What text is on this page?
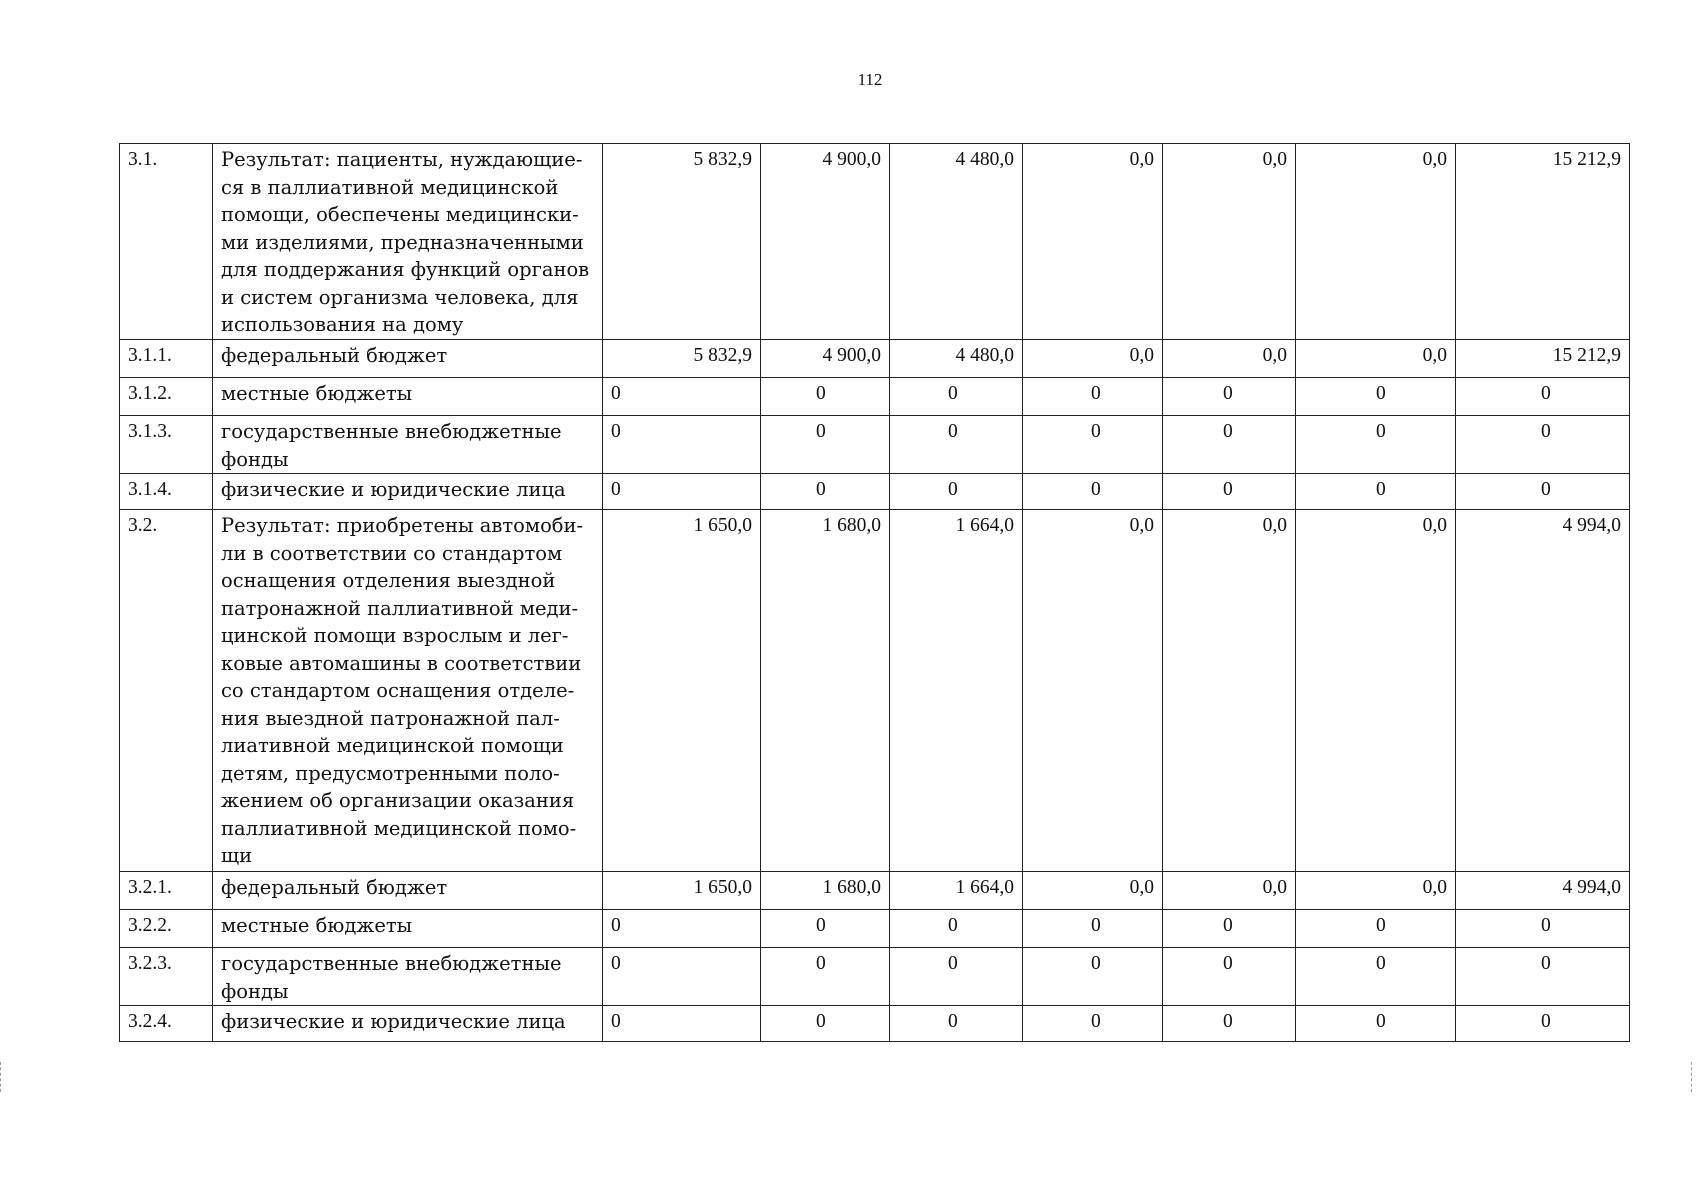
112
3.1.	Результат: пациенты, нуждающие-ся в паллиативной медицинской помощи, обеспечены медицински-ми изделиями, предназначенными для поддержания функций органов и систем организма человека, для использования на дому	5 832,9	4 900,0	4 480,0	0,0	0,0	0,0	15 212,9
3.1.1.	федеральный бюджет	5 832,9	4 900,0	4 480,0	0,0	0,0	0,0	15 212,9
3.1.2.	местные бюджеты	0	0	0	0	0	0	0
3.1.3.	государственные внебюджетные фонды	0	0	0	0	0	0	0
3.1.4.	физические и юридические лица	0	0	0	0	0	0	0
3.2.	Результат: приобретены автомоби-ли в соответствии со стандартом оснащения отделения выездной патронажной паллиативной меди-цинской помощи взрослым и лег-ковые автомашины в соответствии со стандартом оснащения отделе-ния выездной патронажной пал-лиативной медицинской помощи детям, предусмотренными поло-жением об организации оказания паллиативной медицинской помо-щи	1 650,0	1 680,0	1 664,0	0,0	0,0	0,0	4 994,0
3.2.1.	федеральный бюджет	1 650,0	1 680,0	1 664,0	0,0	0,0	0,0	4 994,0
3.2.2.	местные бюджеты	0	0	0	0	0	0	0
3.2.3.	государственные внебюджетные фонды	0	0	0	0	0	0	0
3.2.4.	физические и юридические лица	0	0	0	0	0	0	0
